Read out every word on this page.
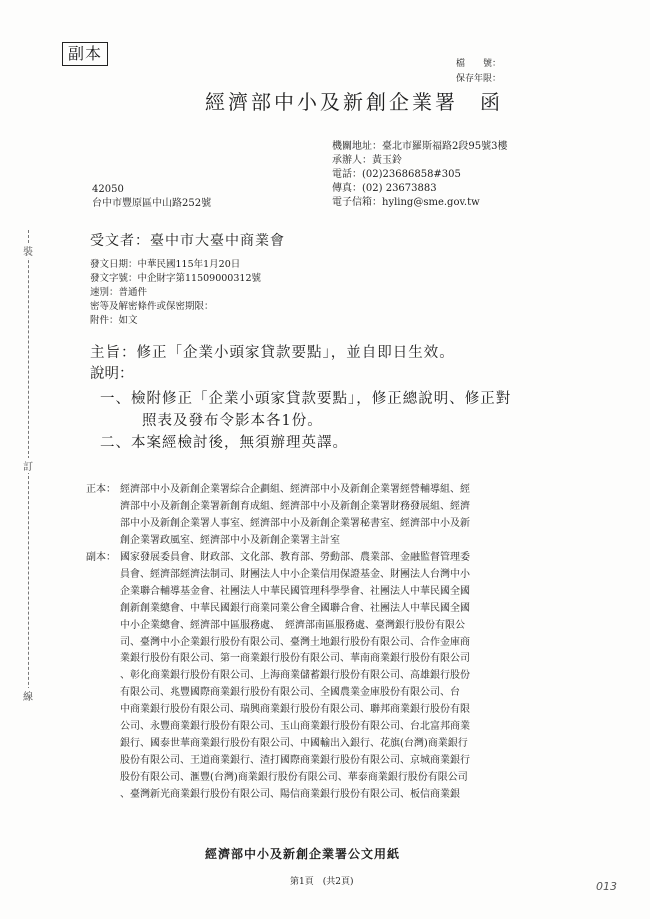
裝
訂
線
副本
檔　　號：
保存年限：
經濟部中小及新創企業署 函
機關地址：臺北市羅斯福路2段95號3樓
承辦人：黃玉鈴
電話：(02)23686858#305
傳真：(02) 23673883
電子信箱：hyling@sme.gov.tw
42050
台中市豐原區中山路252號
受文者：臺中市大臺中商業會
發文日期：中華民國115年1月20日
發文字號：中企財字第11509000312號
速別：普通件
密等及解密條件或保密期限：
附件：如文
主旨：修正「企業小頭家貸款要點」，並自即日生效。
說明：
一、檢附修正「企業小頭家貸款要點」，修正總說明、修正對
照表及發布令影本各1份。
二、本案經檢討後，無須辦理英譯。
正本： 經濟部中小及新創企業署綜合企劃組、經濟部中小及新創企業署經營輔導組、經
濟部中小及新創企業署新創育成組、經濟部中小及新創企業署財務發展組、經濟
部中小及新創企業署人事室、經濟部中小及新創企業署秘書室、經濟部中小及新
創企業署政風室、經濟部中小及新創企業署主計室
副本： 國家發展委員會、財政部、文化部、教育部、勞動部、農業部、金融監督管理委
員會、經濟部經濟法制司、財團法人中小企業信用保證基金、財團法人台灣中小
企業聯合輔導基金會、社團法人中華民國管理科學學會、社團法人中華民國全國
創新創業總會、中華民國銀行商業同業公會全國聯合會、社團法人中華民國全國
中小企業總會、經濟部中區服務處、　經濟部南區服務處、臺灣銀行股份有限公
司、臺灣中小企業銀行股份有限公司、臺灣土地銀行股份有限公司、合作金庫商
業銀行股份有限公司、第一商業銀行股份有限公司、華南商業銀行股份有限公司
、彰化商業銀行股份有限公司、上海商業儲蓄銀行股份有限公司、高雄銀行股份
有限公司、兆豐國際商業銀行股份有限公司、全國農業金庫股份有限公司、台
中商業銀行股份有限公司、瑞興商業銀行股份有限公司、聯邦商業銀行股份有限
公司、永豐商業銀行股份有限公司、玉山商業銀行股份有限公司、台北富邦商業
銀行、國泰世華商業銀行股份有限公司、中國輸出入銀行、花旗(台灣)商業銀行
股份有限公司、王道商業銀行、渣打國際商業銀行股份有限公司、京城商業銀行
股份有限公司、滙豐(台灣)商業銀行股份有限公司、華泰商業銀行股份有限公司
、臺灣新光商業銀行股份有限公司、陽信商業銀行股份有限公司、板信商業銀
經濟部中小及新創企業署公文用紙
第1頁　(共2頁)	013
